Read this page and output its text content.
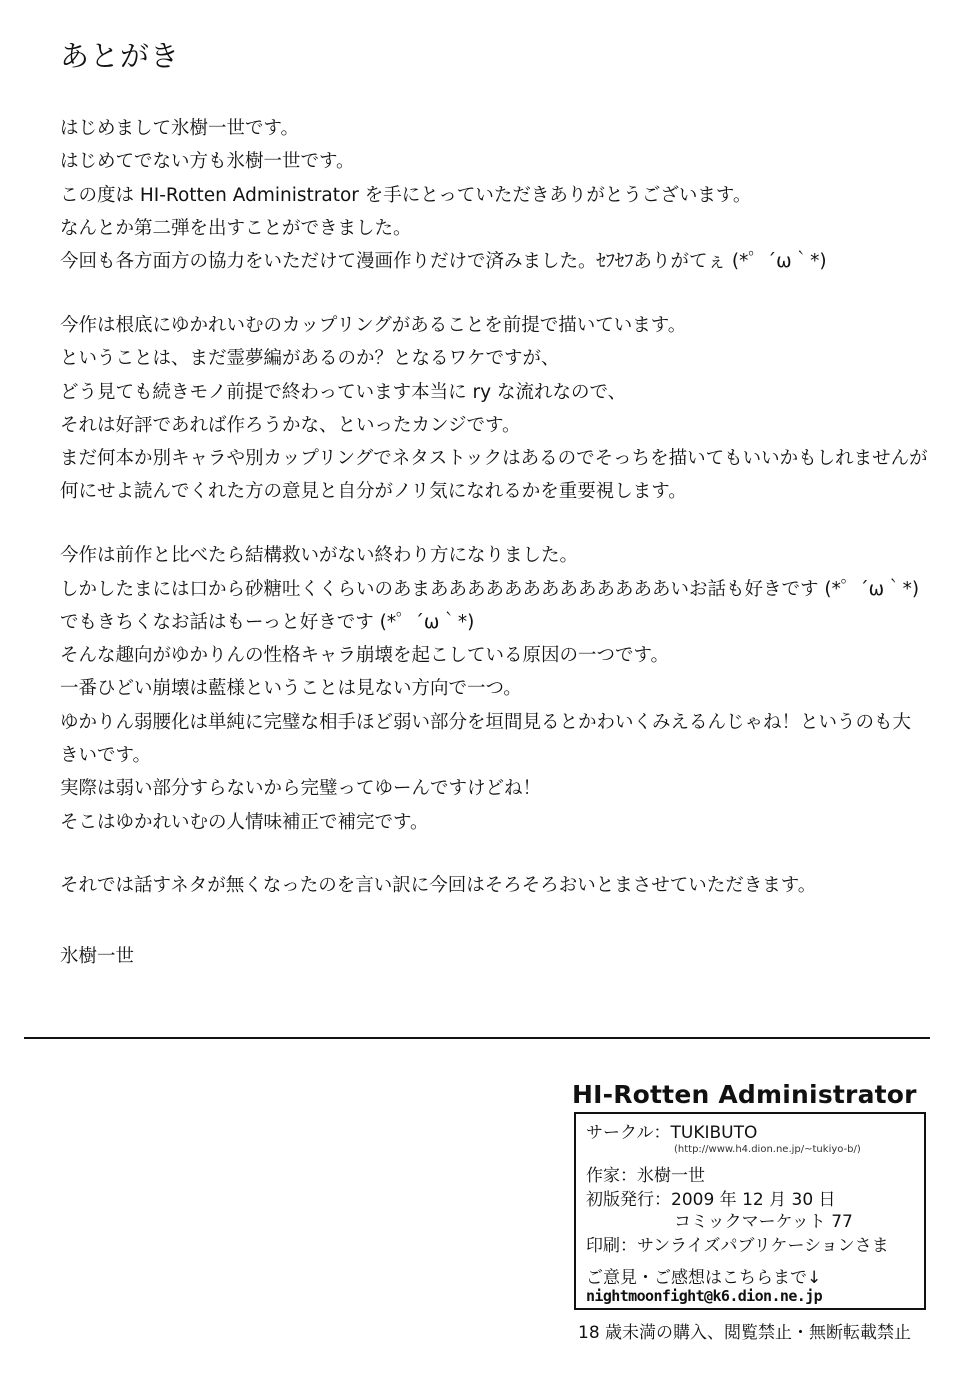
あとがき
はじめまして氷樹一世です。
はじめてでない方も氷樹一世です。
この度は HI-Rotten Administrator を手にとっていただきありがとうございます。
なんとか第二弾を出すことができました。
今回も各方面方の協力をいただけて漫画作りだけで済みました。ｾﾌｾﾌありがてぇ (*゜´ω｀*)
今作は根底にゆかれいむのカップリングがあることを前提で描いています。
ということは、まだ霊夢編があるのか？となるワケですが、
どう見ても続きモノ前提で終わっています本当に ry な流れなので、
それは好評であれば作ろうかな、といったカンジです。
まだ何本か別キャラや別カップリングでネタストックはあるのでそっちを描いてもいいかもしれませんが
何にせよ読んでくれた方の意見と自分がノリ気になれるかを重要視します。
今作は前作と比べたら結構救いがない終わり方になりました。
しかしたまには口から砂糖吐くくらいのあまあああああああああああああいお話も好きです (*゜´ω｀*)
でもきちくなお話はもーっと好きです (*゜´ω｀*)
そんな趣向がゆかりんの性格キャラ崩壊を起こしている原因の一つです。
一番ひどい崩壊は藍様ということは見ない方向で一つ。
ゆかりん弱腰化は単純に完璧な相手ほど弱い部分を垣間見るとかわいくみえるんじゃね！というのも大
きいです。
実際は弱い部分すらないから完璧ってゆーんですけどね！
そこはゆかれいむの人情味補正で補完です。
それでは話すネタが無くなったのを言い訳に今回はそろそろおいとまさせていただきます。
氷樹一世
HI-Rotten Administrator
サークル：TUKIBUTO
(http://www.h4.dion.ne.jp/~tukiyo-b/)
作家：氷樹一世
初版発行：2009 年 12 月 30 日
コミックマーケット 77
印刷：サンライズパブリケーションさま
ご意見・ご感想はこちらまで↓
nightmoonfight@k6.dion.ne.jp
18 歳未満の購入、閲覧禁止・無断転載禁止
